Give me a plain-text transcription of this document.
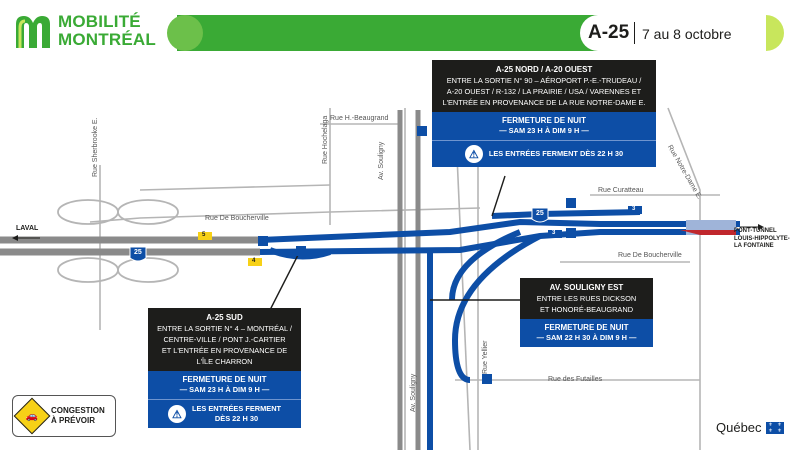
MOBILITÉ
MONTRÉAL	A-25 7 au 8 octobre
Rue H.-Beaugrand
Rue Sherbrooke E.	Rue Hochelaga	Av. Souligny
Av. Souligny
Rue Notre-Dame E.
Rue Curatteau
Rue De Boucherville
Rue De Boucherville
Rue Yellier
Rue des Futailles
LAVAL	PONT-TUNNEL
LOUIS-HIPPOLYTE-
LA FONTAINE
25
25
5
4
3
3
A-25 NORD / A-20 OUEST
ENTRE LA SORTIE N° 90 – AÉROPORT P.-E.-TRUDEAU /
A-20 OUEST / R-132 / LA PRAIRIE / USA / VARENNES ET
L'ENTRÉE EN PROVENANCE DE LA RUE NOTRE-DAME E.
FERMETURE DE NUIT
— SAM 23 H À DIM 9 H —
⚠	LES ENTRÉES FERMENT DÈS 22 H 30
A-25 SUD
ENTRE LA SORTIE N° 4 – MONTRÉAL /
CENTRE-VILLE / PONT J.-CARTIER
ET L'ENTRÉE EN PROVENANCE DE
L'ÎLE CHARRON
FERMETURE DE NUIT
— SAM 23 H À DIM 9 H —
⚠	LES ENTRÉES FERMENT
DÈS 22 H 30
AV. SOULIGNY EST
ENTRE LES RUES DICKSON
ET HONORÉ-BEAUGRAND
FERMETURE DE NUIT
— SAM 22 H 30 À DIM 9 H —
🚗 CONGESTION
À PRÉVOIR	Québec	⚜ ⚜
⚜ ⚜
